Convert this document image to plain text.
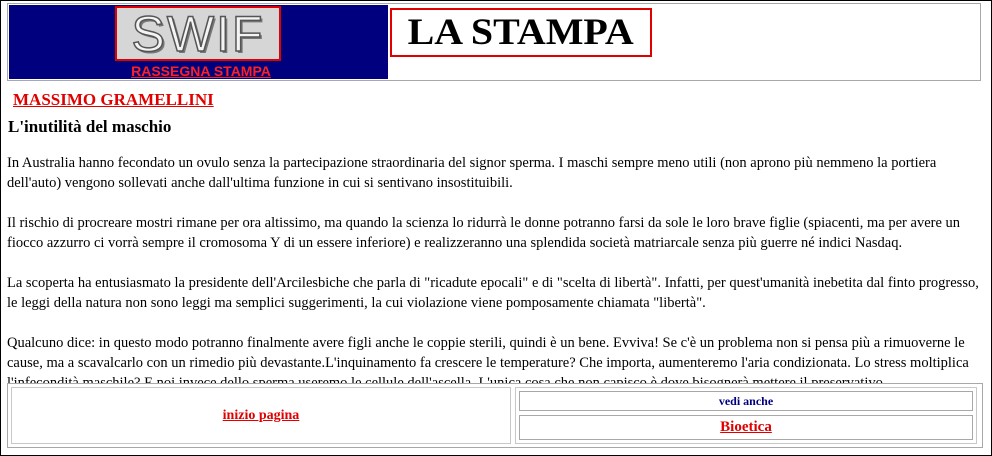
SWIF
RASSEGNA STAMPA
LA STAMPA
MASSIMO GRAMELLINI
L'inutilità del maschio

In Australia hanno fecondato un ovulo senza la partecipazione straordinaria del signor sperma. I maschi sempre meno utili (non aprono più nemmeno la portiera dell'auto) vengono sollevati anche dall'ultima funzione in cui si sentivano insostituibili.

Il rischio di procreare mostri rimane per ora altissimo, ma quando la scienza lo ridurrà le donne potranno farsi da sole le loro brave figlie (spiacenti, ma per avere un fiocco azzurro ci vorrà sempre il cromosoma Y di un essere inferiore) e realizzeranno una splendida società matriarcale senza più guerre né indici Nasdaq.

La scoperta ha entusiasmato la presidente dell'Arcilesbiche che parla di "ricadute epocali" e di "scelta di libertà". Infatti, per quest'umanità inebetita dal finto progresso, le leggi della natura non sono leggi ma semplici suggerimenti, la cui violazione viene pomposamente chiamata "libertà".

Qualcuno dice: in questo modo potranno finalmente avere figli anche le coppie sterili, quindi è un bene. Evviva! Se c'è un problema non si pensa più a rimuoverne le cause, ma a scavalcarlo con un rimedio più devastante.L'inquinamento fa crescere le temperature? Che importa, aumenteremo l'aria condizionata. Lo stress moltiplica

inizio pagina
vedi anche
Bioetica
